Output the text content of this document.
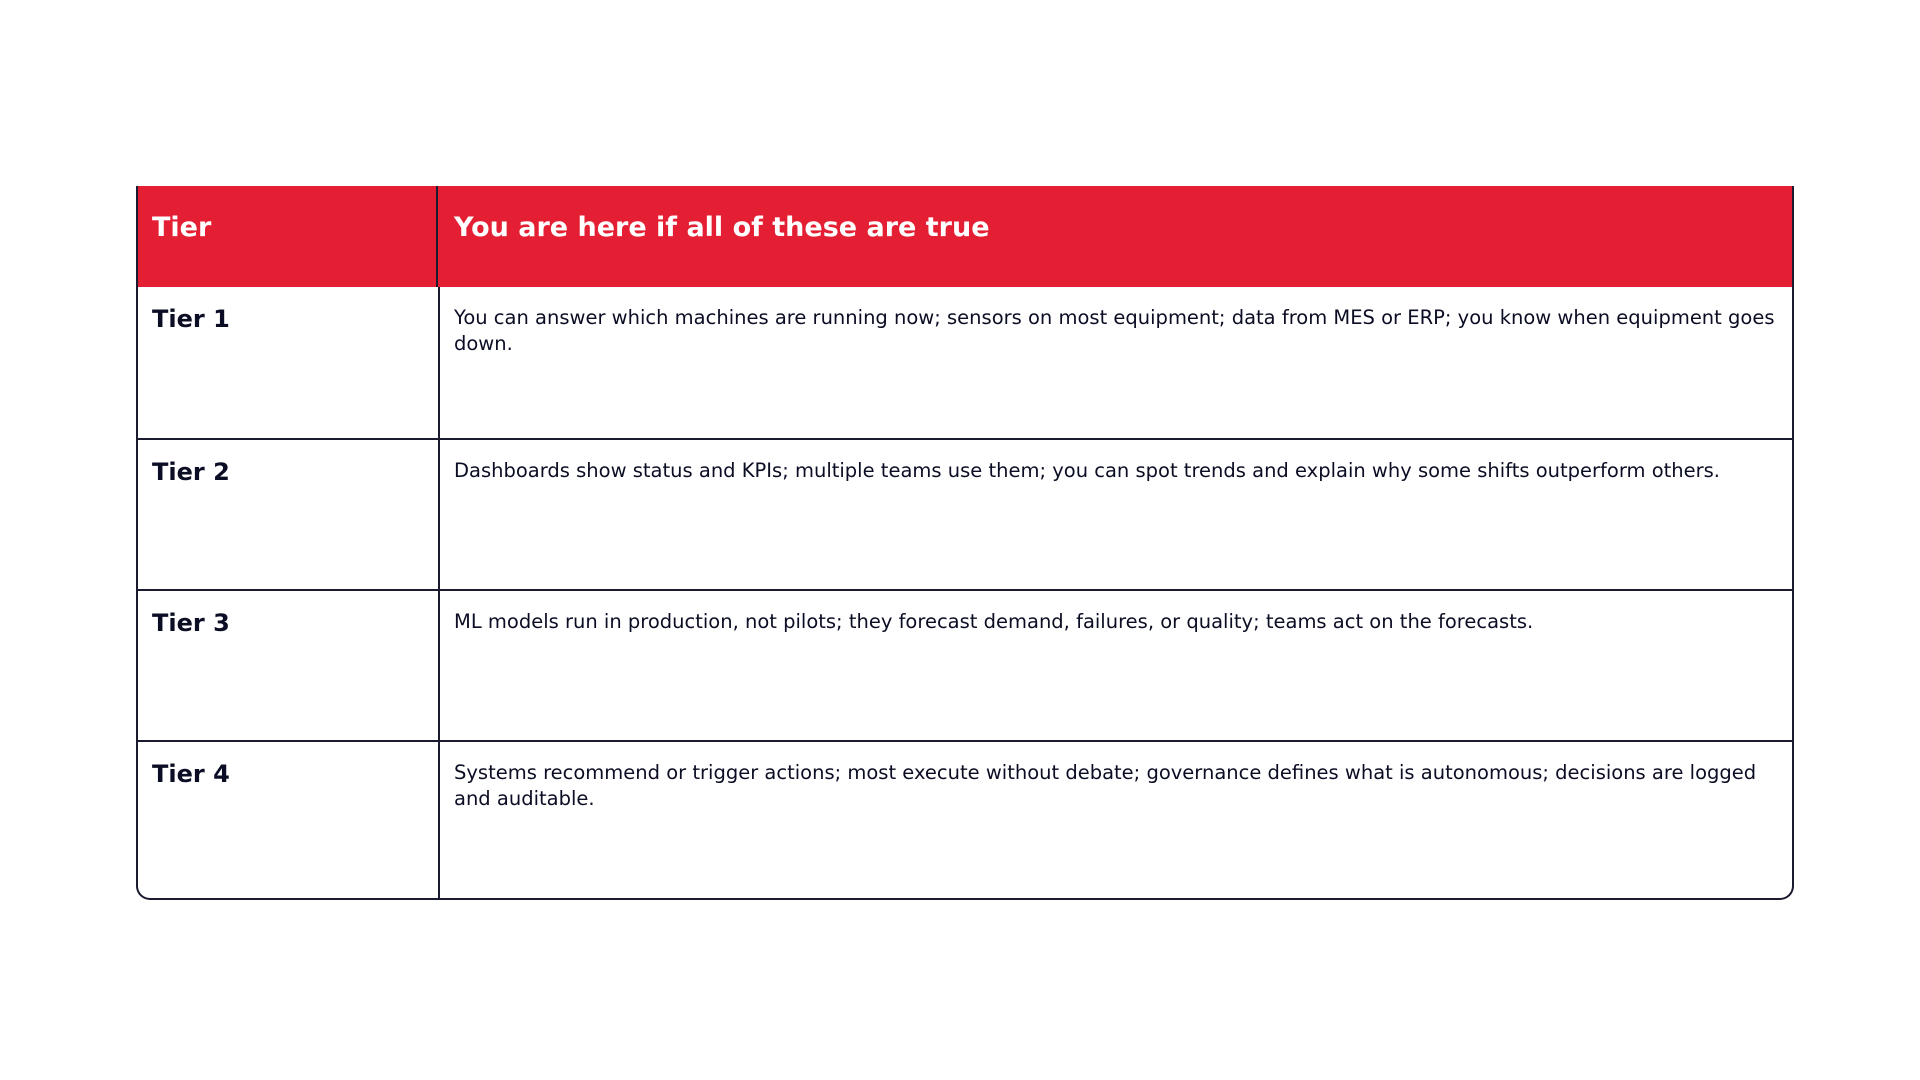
Tier	You are here if all of these are true
Tier 1	You can answer which machines are running now; sensors on most equipment; data from MES or ERP; you know when equipment goes down.
Tier 2	Dashboards show status and KPIs; multiple teams use them; you can spot trends and explain why some shifts outperform others.
Tier 3	ML models run in production, not pilots; they forecast demand, failures, or quality; teams act on the forecasts.
Tier 4	Systems recommend or trigger actions; most execute without debate; governance defines what is autonomous; decisions are logged and auditable.
